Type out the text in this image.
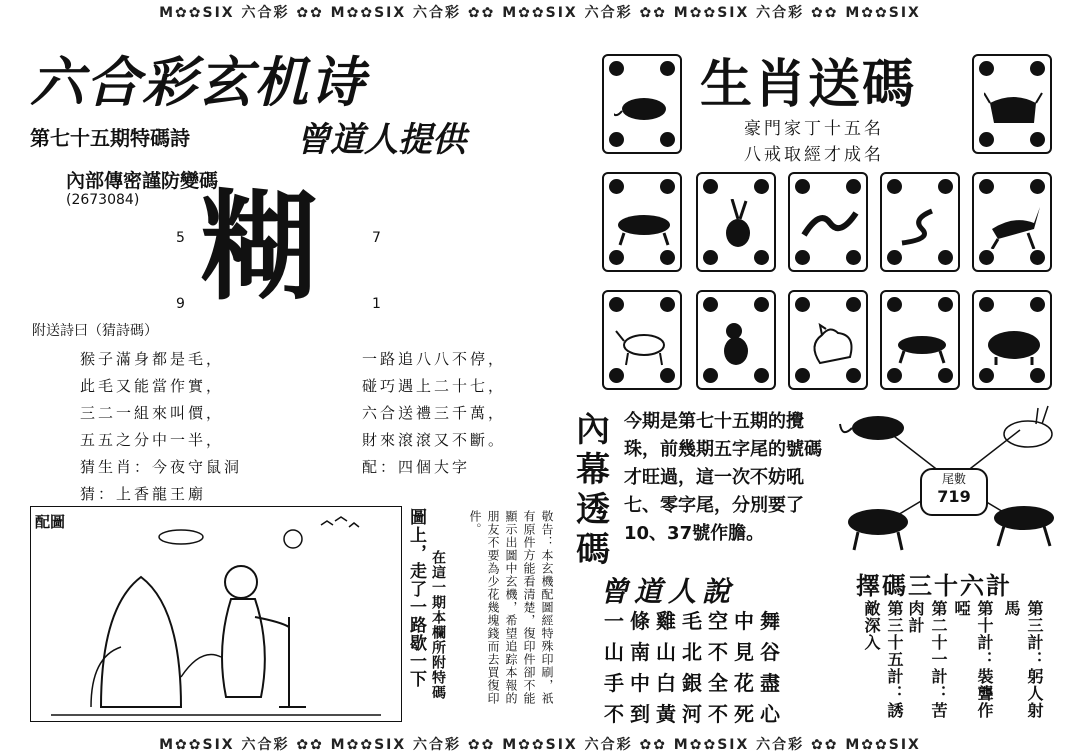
M✿✿SIX 六合彩 ✿✿ M✿✿SIX 六合彩 ✿✿ M✿✿SIX 六合彩 ✿✿ M✿✿SIX 六合彩 ✿✿ M✿✿SIX
M✿✿SIX 六合彩 ✿✿ M✿✿SIX 六合彩 ✿✿ M✿✿SIX 六合彩 ✿✿ M✿✿SIX 六合彩 ✿✿ M✿✿SIX
六合彩玄机诗
第七十五期特碼詩	曾道人提供
內部傳密謹防變碼
(2673084)
5	7
9	1
糊
附送詩曰（猜詩碼）
猴子滿身都是毛，
此毛又能當作實，
三二一組來叫價，
五五之分中一半，
猜生肖：今夜守鼠洞
猜：上香龍王廟
一路追八八不停，
碰巧遇上二十七，
六合送禮三千萬，
財來滾滾又不斷。
配：四個大字
配圖	圖上，走了一路歇一下 在這一期本欄所附特碼	敬告：本玄機配圖經特殊印刷，祇有原件方能看清楚，復印件卻不能顯示出圖中玄機，希望追踪本報的朋友不要為少花幾塊錢而去買復印件。
生肖送碼
豪門家丁十五名
八戒取經才成名
內幕透碼
今期是第七十五期的攪珠，前幾期五字尾的號碼才旺過，這一次不妨吼七、零字尾，分別要了10、37號作膽。
尾數
719
曾道人說
一條雞毛空中舞
山南山北不見谷
手中白銀全花盡
不到黃河不死心
擇碼三十六計
第三計：躬人射馬
第十計：裝聾作啞
第二十一計：苦肉計
第三十五計：誘敵深入
